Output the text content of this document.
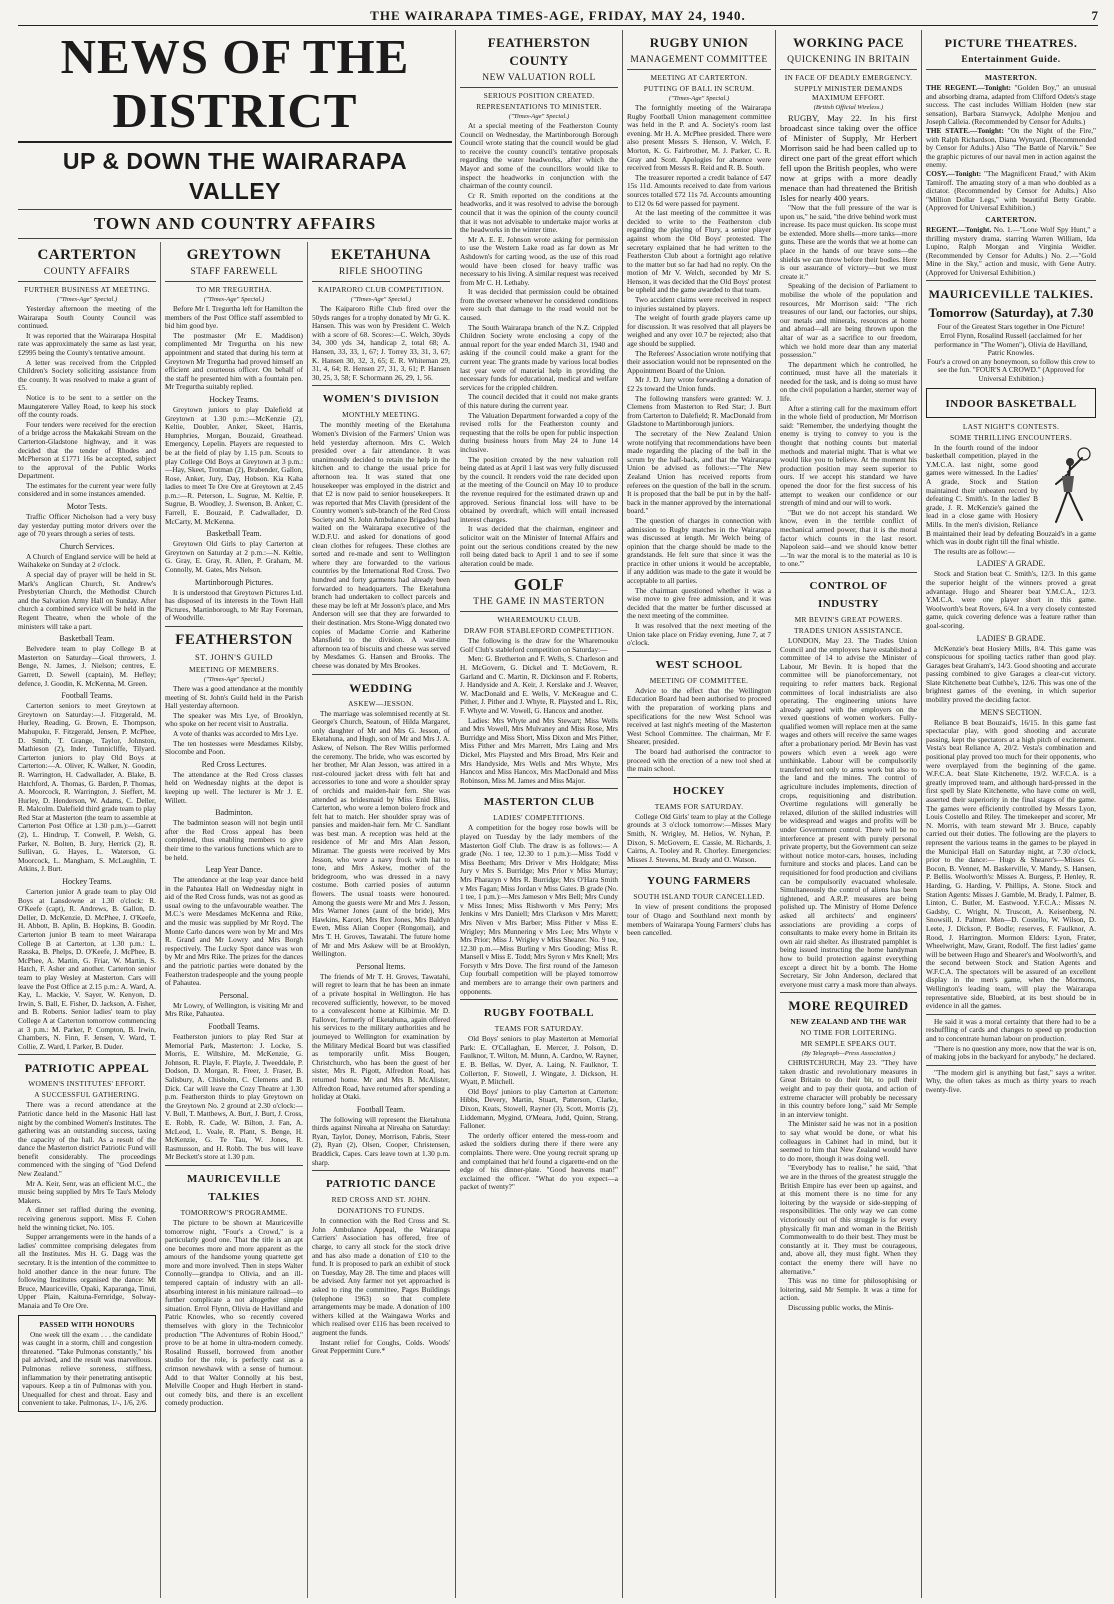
THE WAIRARAPA TIMES-AGE, FRIDAY, MAY 24, 1940.	7
NEWS OF THE DISTRICT
UP & DOWN THE WAIRARAPA VALLEY
TOWN AND COUNTRY AFFAIRS
CARTERTON
COUNTY AFFAIRS
FURTHER BUSINESS AT MEETING.
("Times-Age" Special.)

Yesterday afternoon the meeting of the Wairarapa South County Council was continued.

It was reported that the Wairarapa Hospital rate was approximately the same as last year, £2995 being the County's tentative amount.

A letter was received from the Crippled Children's Society soliciting assistance from the county. It was resolved to make a grant of £5.

Notice is to be sent to a settler on the Maungaterere Valley Road, to keep his stock off the county roads.

Four tenders were received for the erection of a bridge across the Makakahi Stream on the Carterton-Gladstone highway, and it was decided that the tender of Rhodes and McPherson at £1771 16s be accepted, subject to the approval of the Public Works Department.

The estimates for the current year were fully considered and in some instances amended.

Motor Tests.

Traffic Officer Nicholson had a very busy day yesterday putting motor drivers over the age of 70 years through a series of tests.

Church Services.

A Church of England service will be held at Waihakeke on Sunday at 2 o'clock.

A special day of prayer will be held in St. Mark's Anglican Church, St. Andrew's Presbyterian Church, the Methodist Church and the Salvation Army Hall on Sunday. After church a combined service will be held in the Regent Theatre, when the whole of the ministers will take a part.

Basketball Team.

Belvedere team to play College B at Masterton on Saturday—Goal throwers, J. Benge, N. James, J. Nielson; centres, E. Garrett, D. Sewell (captain), M. Hefley; defence, J. Goodin, K. McKenna, M. Green.

Football Teams.

Carterton seniors to meet Greytown at Greytown on Saturday:—J. Fitzgerald, M. Hurley, Reading, G. Brown, E. Thompson, Mahupuku, F. Fitzgerald, Jensen, P. McPhee, D. Smith, T. Grange, Taylor, Johnston, Mathieson (2), Inder, Tunnicliffe, Tilyard. Carterton juniors to play Old Boys at Carterton:—A. Oliver, K. Walker, N. Goodin, R. Warrington, H. Cadwallader, A. Blake, B. Hatchford, A. Thomas, G. Barden, P. Thomas, A. Moorcock, R. Warrington, J. Sieffert, M. Hurley, D. Henderson, W. Adams, C. Deller, R. Malcolm. Dalefield third grade team to play Red Star at Masterton (the team to assemble at Carterton Post Office at 1.30 p.m.):—Garrett (2), L. Hindrup, T. Conwell, P. Welsh, G. Parker, N. Bolten, B. Jury, Herrick (2), R. Sullivan, G. Hayes, L. Waterson, G. Moorcock, L. Mangham, S. McLaughlin, T. Atkins, J. Burt.

Hockey Teams.

Carterton junior A grade team to play Old Boys at Lansdowne at 1.30 o'clock: R. O'Keefe (capt), R. Andrews, B. Gallon, D. Deller, D. McKenzie, D. McPhee, J. O'Keefe, H. Abbott, B. Aplin, B. Hopkins, B. Goodin. Carterton junior B team to meet Wairarapa College B at Carterton, at 1.30 p.m.: L. Rasska, B. Phelps, D. O'Keefe, J. McPhee, B. McPhee, A. Martin, G. Friar, W. Martin, S. Hatch, F. Asher and another. Carterton senior team to play Wesley at Masterton. Cars will leave the Post Office at 2.15 p.m.: A. Ward, A. Kay, L. Mackie, V. Sayer, W. Kenyon, D. Irwin, S. Ball, E. Fisher, D. Jackson, A. Fisher, and B. Roberts. Senior ladies' team to play College A at Carterton tomorrow commencing at 3 p.m.: M. Parker, P. Compton, B. Irwin, Chambers, N. Finn, F. Jensen, V. Ward, T. Collie, Z. Ward, I. Parker, B. Duder.

PATRIOTIC APPEAL
WOMEN'S INSTITUTES' EFFORT.
A SUCCESSFUL GATHERING.

There was a record attendance at the Patriotic dance held in the Masonic Hall last night by the combined Women's Institutes. The gathering was an outstanding success, taxing the capacity of the hall. As a result of the dance the Masterton district Patriotic Fund will benefit considerably. The proceedings commenced with the singing of "God Defend New Zealand."

Mr A. Keir, Senr, was an efficient M.C., the music being supplied by Mrs Te Tau's Melody Makers.

A dinner set raffled during the evening, receiving generous support. Miss F. Cohen held the winning ticket, No. 105.

Supper arrangements were in the hands of a ladies' committee comprising delegates from all the Institutes. Mrs H. G. Dagg was the secretary. It is the intention of the committee to hold another dance in the near future. The following Institutes organised the dance: Mt Bruce, Mauriceville, Opaki, Kaparanga, Tinui, Upper Plain, Kaituna-Fernridge, Solway-Manaia and Te Ore Ore.

PASSED WITH HONOURS

One week till the exam . . . the candidate was caught in a storm, chill and congestion threatened. "Take Pulmonas constantly," his pal advised, and the result was marvellous. Pulmonas relieve soreness, stiffness, inflammation by their penetrating antiseptic vapours. Keep a tin of Pulmonas with you. Unequalled for chest and throat. Easy and convenient to take. Pulmonas, 1/-, 1/6, 2/6.

GREYTOWN
STAFF FAREWELL
TO MR TREGURTHA.
("Times-Age" Special.)

Before Mr I. Tregurtha left for Hamilton the members of the Post Office staff assembled to bid him good bye.

The postmaster (Mr E. Maddison) complimented Mr Tregurtha on his new appointment and stated that during his term at Greytown Mr Tregurtha had proved himself an efficient and courteous officer. On behalf of the staff he presented him with a fountain pen. Mr Tregurtha suitably replied.

Hockey Teams.

Greytown juniors to play Dalefield at Greytown at 1.30 p.m.:—McKenzie (2), Keltie, Doubler, Anker, Skeet, Harris, Humphries, Morgan, Bouzaid, Greathead. Emergency, Lepelin. Players are requested to be at the field of play by 1.15 p.m. Scouts to play College Old Boys at Greytown at 3 p.m.:—Hay, Skeet, Trotman (2), Brabender, Gallon, Rose, Anker, Jury, Day, Hobson. Kia Kaha ladies to meet Te Ore Ore at Greytown at 2.45 p.m.:—R. Peterson, L. Sugrue, M. Keltie, P. Sugrue, B. Woodley, J. Swenson, B. Anker, C. Farrell, E. Bouzaid, P. Cadwallader, D. McCarty, M. McKenna.

Basketball Team.

Greytown Old Girls to play Carterton at Greytown on Saturday at 2 p.m.:—N. Keltie, G. Gray, E. Gray, R. Allen, P. Graham, M. Connolly, M. Gates, Mrs Nelson.

Martinborough Pictures.

It is understood that Greytown Pictures Ltd. has disposed of its interests in the Town Hall Pictures, Martinborough, to Mr Ray Foreman, of Woodville.

FEATHERSTON
ST. JOHN'S GUILD
MEETING OF MEMBERS.
("Times-Age" Special.)

There was a good attendance at the monthly meeting of St. John's Guild held in the Parish Hall yesterday afternoon.

The speaker was Mrs Lye, of Brooklyn, who spoke on her recent visit to Australia.

A vote of thanks was accorded to Mrs Lye.

The ten hostesses were Mesdames Kilsby, Slocombe and Poon.

Red Cross Lectures.

The attendance at the Red Cross classes held on Wednesday nights at the depot is keeping up well. The lecturer is Mr J. E. Willett.

Badminton.

The badminton season will not begin until after the Red Cross appeal has been completed, thus enabling members to give their time to the various functions which are to be held.

Leap Year Dance.

The attendance at the leap year dance held in the Pahautea Hall on Wednesday night in aid of the Red Cross funds, was not as good as usual owing to the unfavourable weather. The M.C.'s were Mesdames McKenna and Rike, and the music was supplied by Mr Royd. The Monte Carlo dances were won by Mr and Mrs R. Grand and Mr Lowry and Mrs Borgh respectively. The Lucky Spot dance was won by Mr and Mrs Rike. The prizes for the dances and the patriotic parties were donated by the Featherston tradespeople and the young people of Pahautea.

Personal.

Mr Lowry, of Wellington, is visiting Mr and Mrs Rike, Pahautea.

Football Teams.

Featherston juniors to play Red Star at Memorial Park, Masterton: J. Locke, S. Morris, E. Wiltshire, M. McKenzie, G. Johnson, R. Playle, F. Playle, J. Tweeddale, P. Dodson, D. Morgan, R. Freer, J. Fraser, B. Salisbury, A. Chisholm, C. Clemens and B. Dick. Car will leave the Cozy Theatre at 1.30 p.m. Featherston thirds to play Greytown on the Greytown No. 2 ground at 2.30 o'clock:—V. Bull, T. Matthews, A. Burt, J. Burt, J. Cross, E. Robb, R. Cade, W. Bilton, J. Fan, A. McLeod, L. Veale, R. Plant, S. Benge, H. McKenzie, G. Te Tau, W. Jones, R. Rasmusson, and H. Robb. The bus will leave Mr Beckett's store at 1.30 p.m.

MAURICEVILLE TALKIES
TOMORROW'S PROGRAMME.

The picture to be shown at Mauriceville tomorrow night, "Four's a Crowd," is a particularly good one. That the title is an apt one becomes more and more apparent as the amours of the handsome young quartette get more and more involved. Then in steps Walter Connolly—grandpa to Olivia, and an ill-tempered captain of industry with an all-absorbing interest in his miniature railroad—to further complicate a not altogether simple situation. Errol Flynn, Olivia de Havilland and Patric Knowles, who so recently covered themselves with glory in the Technicolor production "The Adventures of Robin Hood," prove to be at home in ultra-modern comedy. Rosalind Russell, borrowed from another studio for the role, is perfectly cast as a crimson newshawk with a sense of humour. Add to that Walter Connolly at his best, Melville Cooper and Hugh Herbert in stand-out comedy bits, and there is an excellent comedy production.

EKETAHUNA
RIFLE SHOOTING
KAIPARORO CLUB COMPETITION.
("Times-Age" Special.)

The Kaiparoro Rifle Club fired over the 50yds ranges for a trophy donated by Mr G. K. Hansen. This was won by President C. Welch with a score of 68. Scores:—C. Welch, 30yds 34, 300 yds 34, handicap 2, total 68; A. Hansen, 33, 33, 1, 67; J. Torrey 33, 31, 3, 67; K. Hansen 30, 32, 3, 65; E. R. Whiteman 29, 31, 4, 64; R. Hensen 27, 31, 3, 61; P. Hansen 30, 25, 3, 58; F. Schormann 26, 29, 1, 56.

WOMEN'S DIVISION
MONTHLY MEETING.

The monthly meeting of the Eketahuna Women's Division of the Farmers' Union was held yesterday afternoon. Mrs C. Welch presided over a fair attendance. It was unanimously decided to retain the help in the kitchen and to change the usual price for afternoon tea. It was stated that one housekeeper was employed in the district and that £2 is now paid to senior housekeepers. It was reported that Mrs Clavith (president of the Country women's sub-branch of the Red Cross Society and St. John Ambulance Brigades) had waited on the Wairarapa executive of the W.D.F.U. and asked for donations of good clean clothes for refugees. These clothes are sorted and re-made and sent to Wellington where they are forwarded to the various countries by the International Red Cross. Two hundred and forty garments had already been forwarded to headquarters. The Eketahuna branch had undertaken to collect parcels and these may be left at Mr Josson's place, and Mrs Anderson will see that they are forwarded to their destination. Mrs Stone-Wigg donated two copies of Madame Corrie and Katherine Mansfield to the division. A war-time afternoon tea of biscuits and cheese was served by Mesdames G. Hansen and Brooks. The cheese was donated by Mrs Brookes.

WEDDING
ASKEW—JESSON.

The marriage was solemnised recently at St. George's Church, Seatoun, of Hilda Margaret, only daughter of Mr and Mrs G. Jesson, of Eketahuna, and Hugh, son of Mr and Mrs J. A. Askew, of Nelson. The Rev Willis performed the ceremony. The bride, who was escorted by her brother, Mr Alan Jesson, was attired in a rust-coloured jacket dress with felt hat and accessories to tone and wore a shoulder spray of orchids and maiden-hair fern. She was attended as bridesmaid by Miss Enid Bliss, Carterton, who wore a lemon bolero frock and felt hat to match. Her shoulder spray was of pansies and maiden-hair fern. Mr C. Sandlant was best man. A reception was held at the residence of Mr and Mrs Alan Jesson, Miramar. The guests were received by Mrs Jesson, who wore a navy frock with hat to tone, and Mrs Askew, mother of the bridegroom, who was dressed in a navy costume. Both carried posies of autumn flowers. The usual toasts were honoured. Among the guests were Mr and Mrs J. Jesson, Mrs Warner Jones (aunt of the bride), Mrs Hawkins, Karori, Mrs Rex Jones, Mrs Baldyn Ewen, Miss Alian Cooper (Rongomai), and Mrs T. H. Groves, Tawatahi. The future home of Mr and Mrs Askew will be at Brooklyn, Wellington.

Personal Items.

The friends of Mr T. H. Groves, Tawatahi, will regret to learn that he has been an inmate of a private hospital in Wellington. He has recovered sufficiently, however, to be moved to a convalescent home at Kilbirnie. Mr D. Fallover, formerly of Eketahuna, again offered his services to the military authorities and he journeyed to Wellington for examination by the Military Medical Board but was classified as temporarily unfit. Miss Bougen, Christchurch, who has been the guest of her sister, Mrs R. Pigott, Alfredton Road, has returned home. Mr and Mrs B. McAlister, Alfredton Road, have returned after spending a holiday at Otaki.

Football Team.

The following will represent the Eketahuna thirds against Nireaha at Nireaha on Saturday: Ryan, Taylor, Doney, Morrison, Fabris, Steer (2), Ryan (2), Olsen, Cooper, Christensen, Braddick, Capes. Cars leave town at 1.30 p.m. sharp.

PATRIOTIC DANCE
RED CROSS AND ST. JOHN.
DONATIONS TO FUNDS.

In connection with the Red Cross and St. John Ambulance Appeal, the Wairarapa Carriers' Association has offered, free of charge, to carry all stock for the stock drive and has also made a donation of £10 to the fund. It is proposed to park an exhibit of stock on Tuesday, May 28. The time and places will be advised. Any farmer not yet approached is asked to ring the committee, Pages Buildings (telephone 1963) so that complete arrangements may be made. A donation of 100 withers killed at the Waingawa Works and which realised over £116 has been received to augment the funds.

Instant relief for Coughs, Colds. Woods' Great Peppermint Cure.*

FEATHERSTON COUNTY
NEW VALUATION ROLL
SERIOUS POSITION CREATED.
REPRESENTATIONS TO MINISTER.
("Times-Age" Special.)

At a special meeting of the Featherston County Council on Wednesday, the Martinborough Borough Council wrote stating that the council would be glad to receive the county council's tentative proposals regarding the water headworks, after which the Mayor and some of the councillors would like to inspect the headworks in conjunction with the chairman of the county council.

Cr R. Smith reported on the conditions at the headworks, and it was resolved to advise the borough council that it was the opinion of the county council that it was not advisable to undertake major works at the headworks in the winter time.

Mr A. E. E. Johnson wrote asking for permission to use the Western Lake road as far down as Mr Ashdown's for carting wood, as the use of this road would have been closed for heavy traffic was necessary to his living. A similar request was received from Mr C. H. Lethaby.

It was decided that permission could be obtained from the overseer whenever he considered conditions were such that damage to the road would not be caused.

The South Wairarapa branch of the N.Z. Crippled Children Society wrote enclosing a copy of the annual report for the year ended March 31, 1940 and asking if the council could make a grant for the current year. The grants made by various local bodies last year were of material help in providing the necessary funds for educational, medical and welfare services for the crippled children.

The council decided that it could not make grants of this nature during the current year.

The Valuation Department forwarded a copy of the revised rolls for the Featherston county and requesting that the rolls be open for public inspection during business hours from May 24 to June 14 inclusive.

The position created by the new valuation roll being dated as at April 1 last was very fully discussed by the council. It renders void the rate decided upon at the meeting of the Council on May 10 to produce the revenue required for the estimated drawn up and approved. Serious financial loss will have to be obtained by overdraft, which will entail increased interest charges.

It was decided that the chairman, engineer and solicitor wait on the Minister of Internal Affairs and point out the serious conditions created by the new roll being dated back to April 1 and to see if some alteration could be made.

GOLF
THE GAME IN MASTERTON
WHAREMOUKU CLUB.
DRAW FOR STABLEFORD COMPETITION.

The following is the draw for the Wharemouku Golf Club's stableford competition on Saturday:—

Men: G. Bretherton and F. Wells, S. Charleson and H. McGovern, G. Dickel and T. McGovern, R. Garland and C. Martin, R. Dickinson and F. Roberts, J. Handyside and A. Keir, J. Kerslake and J. Weaver, W. MacDonald and E. Wells, V. McKeague and C. Pither, J. Pither and J. Whyte, R. Playsted and L. Rix, F. Whyte and W. Vowell, G. Hancox and another.

Ladies: Mrs Whyte and Mrs Stewart; Miss Wells and Mrs Vowell, Mrs Mulvaney and Miss Rose, Mrs Burridge and Miss Short, Miss Dixon and Mrs Pither, Miss Pither and Mrs Marrett, Mrs Laing and Mrs Dickel, Mrs Playsted and Mrs Broad, Mrs Keir and Mrs Handyside, Mrs Wells and Mrs Whyte, Mrs Hancox and Miss Hancox, Mrs MacDonald and Miss Robinson, Miss M. James and Miss Major.

MASTERTON CLUB
LADIES' COMPETITIONS.

A competition for the bogey rose bowls will be played on Tuesday by the lady members of the Masterton Golf Club. The draw is as follows:— A grade (No. 1 tee, 12.30 to 1 p.m.):—Miss Todd v Miss Beetham; Mrs Driver v Mrs Holdgate; Miss Jury v Mrs S. Burridge; Mrs Prior v Miss Murray; Mrs Pharazyn v Mrs R. Burridge; Mrs O'Hara Smith v Mrs Fagan; Miss Jordan v Miss Gates. B grade (No. 1 tee, 1 p.m.):—Mrs Jameson v Mrs Bell; Mrs Cundy v Miss Innes; Miss Rishworth v Mrs Perry; Mrs Jenkins v Mrs Daniell; Mrs Clarkson v Mrs Marett; Mrs Niven v Mrs Barber; Miss Pither v Miss E. Wrigley; Mrs Munnering v Mrs Lee; Mrs Whyte v Mrs Prior; Miss J. Wrigley v Miss Shearer. No. 9 tee, 12.30 p.m.—Miss Burling v Mrs Gooding; Miss R. Mansell v Miss E. Todd; Mrs Syron v Mrs Knell; Mrs Forsyth v Mrs Dove. The first round of the Jameson Cup fourball competition will be played tomorrow and members are to arrange their own partners and opponents.

RUGBY FOOTBALL
TEAMS FOR SATURDAY.

Old Boys' seniors to play Masterton at Memorial Park: E. O'Callaghan, E. Mercer, J. Polson, D. Faulknor, T. Wilton, M. Munn, A. Cardno, W. Rayner, E. B. Bellas, W. Dyer, A. Laing, N. Faulknor, T. Collerton, F. Stowell, J. Wingate, J. Dickson, H. Wyatt, P. Mitchell.

Old Boys' juniors to play Carterton at Carterton: Hibbs, Devery, Martin, Stuart, Patterson, Clarke, Dixon, Keats, Stowell, Rayner (3), Scott, Morris (2), Liddemann, Mygind, O'Meara, Judd, Quinn, Strang, Falloner.

The orderly officer entered the mess-room and asked the soldiers during there if there were any complaints. There were. One young recruit sprang up and complained that he'd found a cigarette-end on the edge of his dinner-plate. "Good heavens man!" exclaimed the officer. "What do you expect—a packet of twenty?"

RUGBY UNION
MANAGEMENT COMMITTEE
MEETING AT CARTERTON.
PUTTING OF BALL IN SCRUM.
("Times-Age" Special.)

The fortnightly meeting of the Wairarapa Rugby Football Union management committee was held in the P. and A. Society's room last evening. Mr H. A. McPhee presided. There were also present Messrs S. Henson, V. Welch, F. Morton, K. G. Fairbrother, M. J. Parker, C. R. Gray and Scott. Apologies for absence were received from Messrs R. Reid and R. B. South.

The treasurer reported a credit balance of £47 15s 11d. Amounts received to date from various sources totalled £72 11s 7d. Accounts amounting to £12 0s 6d were passed for payment.

At the last meeting of the committee it was decided to write to the Featherston club regarding the playing of Flury, a senior player against whom the Old Boys' protested. The secretary explained that he had written to the Featherston Club about a fortnight ago relative to the matter but so far had had no reply. On the motion of Mr V. Welch, seconded by Mr S. Henson, it was decided that the Old Boys' protest be upheld and the game awarded to that team.

Two accident claims were received in respect to injuries sustained by players.

The weight of fourth grade players came up for discussion. It was resolved that all players be weighed and any over 10.7 be rejected; also that age should be supplied.

The Referees' Association wrote notifying that their association would not be represented on the Appointment Board of the Union.

Mr J. D. Jury wrote forwarding a donation of £2 2s toward the Union funds.

The following transfers were granted: W. J. Clemens from Masterton to Red Star; J. Burt from Carterton to Dalefield; R. MacDonald from Gladstone to Martinborough juniors.

The secretary of the New Zealand Union wrote notifying that recommendations have been made regarding the placing of the ball in the scrum by the half-back, and that the Wairarapa Union be advised as follows:—"The New Zealand Union has received reports from referees on the question of the ball in the scrum. It is proposed that the ball be put in by the half-back in the manner approved by the international board."

The question of charges in connection with admission to Rugby matches in the Wairarapa was discussed at length. Mr Welch being of opinion that the charge should be made to the grandstands. He felt sure that since it was the practice in other unions it would be acceptable, if any addition was made to the gate it would be acceptable to all parties.

The chairman questioned whether it was a wise move to give free admission, and it was decided that the matter be further discussed at the next meeting of the committee.

It was resolved that the next meeting of the Union take place on Friday evening, June 7, at 7 o'clock.

WEST SCHOOL
MEETING OF COMMITTEE.

Advice to the effect that the Wellington Education Board had been authorised to proceed with the preparation of working plans and specifications for the new West School was received at last night's meeting of the Masterton West School Committee. The chairman, Mr F. Shearer, presided.

The board had authorised the contractor to proceed with the erection of a new tool shed at the main school.

HOCKEY
TEAMS FOR SATURDAY.

College Old Girls' team to play at the College grounds at 3 o'clock tomorrow:—Misses Mary Smith, N. Wrigley, M. Helios, W. Nyhan, P. Dixon, S. McGovern, E. Cassie, M. Richards, J. Cairns, A. Tooley and R. Chorley. Emergencies: Misses J. Stevens, M. Brady and O. Watson.

YOUNG FARMERS
SOUTH ISLAND TOUR CANCELLED.

In view of present conditions the proposed tour of Otago and Southland next month by members of Wairarapa Young Farmers' clubs has been cancelled.

WORKING PACE
QUICKENING IN BRITAIN
IN FACE OF DEADLY EMERGENCY.
SUPPLY MINISTER DEMANDS MAXIMUM EFFORT.
(British Official Wireless.)

RUGBY, May 22. In his first broadcast since taking over the office of Minister of Supply, Mr Herbert Morrison said he had been called up to direct one part of the great effort which fell upon the British peoples, who were now at grips with a more deadly menace than had threatened the British Isles for nearly 400 years.

"Now that the full pressure of the war is upon us," he said, "the drive behind work must increase. Its pace must quicken. Its scope must be extended. More shells—more tanks—more guns. These are the words that we at home can place in the hands of our brave sons—the shields we can throw before their bodies. Here is our assurance of victory—but we must create it."

Speaking of the decision of Parliament to mobilise the whole of the population and resources, Mr Morrison said: "The rich treasures of our land, our factories, our ships, our metals and minerals, resources at home and abroad—all are being thrown upon the altar of war as a sacrifice to our freedom, which we hold more dear than any material possession."

The department which he controlled, he continued, must have all the materials it needed for the task, and is doing so must have on the civil population a harder, sterner way of life.

After a stirring call for the maximum effort in the whole field of production, Mr Morrison said: "Remember, the underlying thought the enemy is trying to convey to you is the thought that nothing counts but material methods and material might. That is what we would like you to believe. At the moment his production position may seem superior to ours. If we accept his standard we have opened the door for the first success of his attempt to weaken our confidence or our strength of mind and our will to work.

"But we do not accept his standard. We know, even in the terrible conflict of mechanical armed power, that it is the moral factor which counts in the last resort. Napoleon said—and we should know better—'In war the moral is to the material as 10 is to one.'"

CONTROL OF INDUSTRY
MR BEVIN'S GREAT POWERS.
TRADES UNION ASSISTANCE.

LONDON, May 23. The Trades Union Council and the employers have established a committee of 14 to advise the Minister of Labour, Mr Bevin. It is hoped that the committee will be pianoforcementary, not requiring to refer matters back. Regional committees of local industrialists are also operating. The engineering unions have already agreed with the employers on the vexed questions of women workers. Fully-qualified women will replace men at the same wages and others will receive the same wages after a probationary period. Mr Bevin has vast powers which even a week ago were unthinkable. Labour will be compulsorily transferred not only to arms work but also to the land and the mines. The control of agriculture includes implements, direction of crops, requisitioning and distribution. Overtime regulations will generally be relaxed, dilution of the skilled industries will be widespread and wages and profits will be under Government control. There will be no interference at present with purely personal private property, but the Government can seize without notice motor-cars, houses, including furniture and stocks and places. Land can be requisitioned for food production and civilians can be compulsorily evacuated wholesale. Simultaneously the control of aliens has been tightened, and A.R.P. measures are being polished up. The Ministry of Home Defence asked all architects' and engineers' associations are providing a corps of consultants to make every home in Britain its own air raid shelter. As illustrated pamphlet is being issued instructing the home handyman how to build protection against everything except a direct hit by a bomb. The Home Secretary, Sir John Anderson, declared that everyone must carry a mask more than always.

MORE REQUIRED
NEW ZEALAND AND THE WAR
NO TIME FOR LOITERING.
MR SEMPLE SPEAKS OUT.
(By Telegraph—Press Association.)

CHRISTCHURCH, May 23. "They have taken drastic and revolutionary measures in Great Britain to do their bit, to pull their weight and to pay their quota, and action of extreme character will probably be necessary in this country before long," said Mr Semple in an interview tonight.

The Minister said he was not in a position to say what would be done, or what his colleagues in Cabinet had in mind, but it seemed to him that New Zealand would have to do more, though it was doing well.

"Everybody has to realise," he said, "that we are in the throes of the greatest struggle the British Empire has ever been up against, and at this moment there is no time for any loitering by the wayside or side-stepping of responsibilities. The only way we can come victoriously out of this struggle is for every physically fit man and woman in the British Commonwealth to do their best. They must be constantly at it. They must be courageous, and, above all, they must fight. When they contact the enemy there will have no alternative."

This was no time for philosophising or loitering, said Mr Semple. It was a time for action.

Discussing public works, the Minis-

PICTURE THEATRES.
Entertainment Guide.
MASTERTON.

THE REGENT.—Tonight: "Golden Boy," an unusual and absorbing drama, adapted from Clifford Odets's stage success. The cast includes William Holden (new star sensation), Barbara Stanwyck, Adolphe Menjou and Joseph Calleia. (Recommended by Censor for Adults.)

THE STATE.—Tonight: "On the Night of the Fire," with Ralph Richardson, Diana Wynyard. (Recommended by Censor for Adults.) Also "The Battle of Narvik." See the graphic pictures of our naval men in action against the enemy.

COSY.—Tonight: "The Magnificent Fraud," with Akim Tamiroff. The amazing story of a man who doubled as a dictator. (Recommended by Censor for Adults.) Also "Million Dollar Legs," with beautiful Betty Grable. (Approved for Universal Exhibition.)

CARTERTON.

REGENT.—Tonight. No. 1.—"Lone Wolf Spy Hunt," a thrilling mystery drama, starring Warren William, Ida Lupino, Ralph Morgan and Virginia Weidler. (Recommended by Censor for Adults.) No. 2.—"Gold Mine in the Sky," action and music, with Gene Autry. (Approved for Universal Exhibition.)

MAURICEVILLE TALKIES.
Tomorrow (Saturday), at 7.30

Four of the Greatest Stars together in One Picture!

Errol Flynn, Rosalind Russell (acclaimed for her performance in "The Women"), Olivia de Havilland, Patric Knowles.

Four's a crowd on any honeymoon, so follow this crew to see the fun. "FOUR'S A CROWD." (Approved for Universal Exhibition.)

INDOOR BASKETBALL
LAST NIGHT'S CONTESTS.
SOME THRILLING ENCOUNTERS.

In the fourth round of the indoor basketball competition, played in the Y.M.C.A. last night, some good games were witnessed. In the Ladies' A grade, Stock and Station maintained their unbeaten record by defeating C. Smith's. In the ladies' B grade, J. R. McKenzie's gained the lead in a close game with Hosiery Mills. In the men's division, Reliance B maintained their lead by defeating Bouzaid's in a game which was in doubt right till the final whistle.

The results are as follow:—

LADIES' A GRADE.

Stock and Station beat C. Smith's, 12/3. In this game the superior height of the winners proved a great advantage. Hugo and Shearer beat Y.M.C.A., 12/3. Y.M.C.A. were one player short in this game. Woolworth's beat Rovers, 6/4. In a very closely contested game, quick covering defence was a feature rather than goal-scoring.

LADIES' B GRADE.

McKenzie's beat Hosiery Mills, 8/4. This game was conspicuous for spoiling tactics rather than good play. Garages beat Graham's, 14/3. Good shooting and accurate passing combined to give Garages a clear-cut victory. Slate Kitchenette beat Cuthbe's, 12/6. This was one of the brightest games of the evening, in which superior mobility proved the deciding factor.

MEN'S SECTION.

Reliance B beat Bouzaid's, 16/15. In this game fast spectacular play, with good shooting and accurate passing, kept the spectators at a high pitch of excitement. Vesta's beat Reliance A, 20/2. Vesta's combination and positional play proved too much for their opponents, who were overplayed from the beginning of the game. W.F.C.A. beat Slate Kitchenette, 19/2. W.F.C.A. is a greatly improved team, and although hard-pressed in the first spell by Slate Kitchenette, who have come on well, asserted their superiority in the final stages of the game. The games were efficiently controlled by Messrs Lyon, Louis Costello and Riley. The timekeeper and scorer, Mr N. Morris, with team steward Mr J. Bruce, capably carried out their duties. The following are the players to represent the various teams in the games to be played in the Municipal Hall on Saturday night, at 7.30 o'clock, prior to the dance:— Hugo & Shearer's—Misses G. Bocon, B. Venner, M. Baskerville, V. Mandy, S. Hansen, P. Bellis. Woolworth's: Misses A. Burgess, P. Henley, R. Harding, G. Harding, V. Phillips, A. Stone. Stock and Station Agents: Misses J. Gamble, M. Brady, I. Palmer, B. Linton, C. Butler, M. Eastwood. Y.F.C.A.: Misses N. Gadsby, C. Wright, N. Truscott, A. Keisenberg, N. Snowsill, J. Palmer. Men—D. Costello, W. Wilson, D. Leete, J. Dickson, P. Bodle; reserves, F. Faulknor, A. Rood, J. Harrington. Mormon Elders: Lyon, Frater, Wheelwright, Maw, Grant, Rodolf. The first ladies' game will be between Hugo and Shearer's and Woolworth's, and the second between Stock and Station Agents and W.F.C.A. The spectators will be assured of an excellent display in the men's game, when the Mormons, Wellington's leading team, will play the Wairarapa representative side, Bluebird, at its best should be in evidence in all the games.

He said it was a moral certainty that there had to be a reshuffling of cards and changes to speed up production and to concentrate human labour on production.

"There is no question any more, now that the war is on, of making jobs in the backyard for anybody," he declared.

"The modern girl is anything but fast," says a writer. Why, the often takes as much as thirty years to reach twenty-five.
